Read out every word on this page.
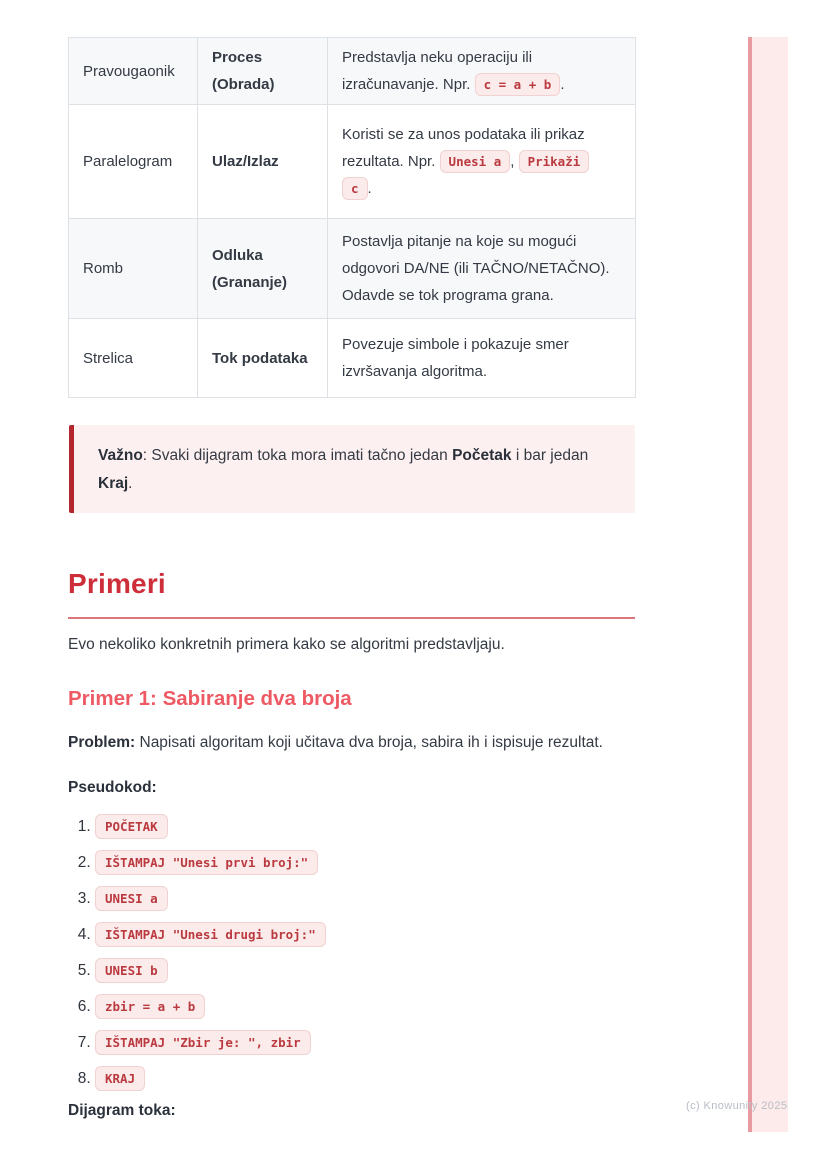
Pravougaonik	Proces (Obrada)	Predstavlja neku operaciju ili izračunavanje. Npr. c = a + b .
Paralelogram	Ulaz/Izlaz	Koristi se za unos podataka ili prikaz rezultata. Npr. Unesi a , Prikaži c .
Romb	Odluka (Grananje)	Postavlja pitanje na koje su mogući odgovori DA/NE (ili TAČNO/NETAČNO). Odavde se tok programa grana.
Strelica	Tok podataka	Povezuje simbole i pokazuje smer izvršavanja algoritma.

Važno: Svaki dijagram toka mora imati tačno jedan Početak i bar jedan Kraj.

Primeri

Evo nekoliko konkretnih primera kako se algoritmi predstavljaju.

Primer 1: Sabiranje dva broja

Problem: Napisati algoritam koji učitava dva broja, sabira ih i ispisuje rezultat.

Pseudokod:

1. POČETAK
2. IŠTAMPAJ "Unesi prvi broj:"
3. UNESI a
4. IŠTAMPAJ "Unesi drugi broj:"
5. UNESI b
6. zbir = a + b
7. IŠTAMPAJ "Zbir je: ", zbir
8. KRAJ

Dijagram toka:	(c) Knowunity 2025
